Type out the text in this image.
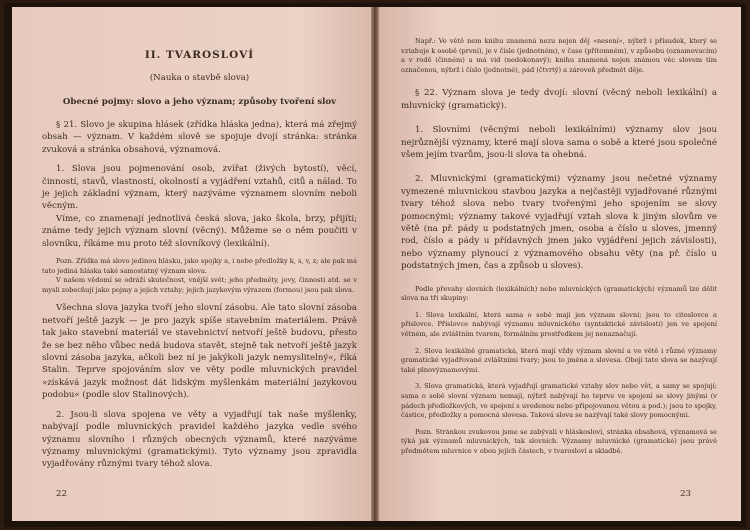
II. TVAROSLOVÍ
(Nauka o stavbě slova)
Obecné pojmy: slovo a jeho význam; způsoby tvoření slov

§ 21. Slovo je skupina hlásek (zřídka hláska jedna), která má zřejmý obsah — význam. V každém slově se spojuje dvojí stránka: stránka zvuková a stránka obsahová, významová.

1. Slova jsou pojmenování osob, zvířat (živých bytostí), věcí, činností, stavů, vlastností, okolností a vyjádření vztahů, citů a nálad. To je jejich základní význam, který nazýváme významem slovním neboli věcným.

Víme, co znamenají jednotlivá česká slova, jako škola, brzy, přijíti; známe tedy jejich význam slovní (věcný). Můžeme se o něm poučiti v slovníku, říkáme mu proto též slovníkový (lexikální).

Pozn. Zřídka má slovo jedinou hlásku, jako spojky a, i nebo předložky k, s, v, z; ale pak má tato jediná hláska také samostatný význam slova.

V našem vědomí se odráží skutečnost, vnější svět; jeho předměty, jevy, činnosti atd. se v mysli zobecňují jako pojmy a jejich vztahy; jejich jazykovým výrazem (formou) jsou pak slova.

Všechna slova jazyka tvoří jeho slovní zásobu. Ale tato slovní zásoba netvoří ještě jazyk — je pro jazyk spíše stavebním materiálem. Právě tak jako stavební materiál ve stavebnictví netvoří ještě budovu, přesto že se bez něho vůbec nedá budova stavět, stejně tak netvoří ještě jazyk slovní zásoba jazyka, ačkoli bez ní je jakýkoli jazyk nemyslitelný«, říká Stalin. Teprve spojováním slov ve věty podle mluvnických pravidel »získává jazyk možnost dát lidským myšlenkám materiální jazykovou podobu« (podle slov Stalinových).

2. Jsou-li slova spojena ve věty a vyjadřují tak naše myšlenky, nabývají podle mluvnických pravidel každého jazyka vedle svého významu slovního i různých obecných významů, které nazýváme významy mluvnickými (gramatickými). Tyto významy jsou zpravidla vyjadřovány různými tvary téhož slova.

22

Např.: Ve větě nem knihu znamená nezu nejen děj »nesení«, nýbrž i přísudek, který se vztahuje k osobě (první), je v čísle (jednotném), v čase (přítomném), v způsobu (oznamovacím) a v rodě (činném) a má vid (nedokonavý); knihu znamená nejen známou věc slovem tím označenou, nýbrž i číslo (jednotné), pád (čtvrtý) a zároveň předmět děje.

§ 22. Význam slova je tedy dvojí: slovní (věcný neboli lexikální) a mluvnický (gramatický).

1. Slovními (věcnými neboli lexikálními) významy slov jsou nejrůznější významy, které mají slova sama o sobě a které jsou společné všem jejím tvarům, jsou-li slova ta ohebná.

2. Mluvnickými (gramatickými) významy jsou nečetné významy vymezené mluvnickou stavbou jazyka a nejčastěji vyjadřované různými tvary téhož slova nebo tvary tvořenými jeho spojením se slovy pomocnými; významy takové vyjadřují vztah slova k jiným slovům ve větě (na př. pády u podstatných jmen, osoba a číslo u sloves, jmenný rod, číslo a pády u přídavných jmen jako vyjádření jejich závislosti), nebo významy plynoucí z významového obsahu věty (na př. číslo u podstatných jmen, čas a způsob u sloves).

Podle převahy slovních (lexikálních) nebo mluvnických (gramatických) významů lze dělit slova na tři skupiny:

1. Slova lexikální, která sama o sobě mají jen význam slovní; jsou to citoslovce a příslovce. Příslovce nabývají významu mluvnického (syntaktické závislosti) jen ve spojení větném, ale zvláštním tvarem, formálním prostředkem jej nenaznačují.

2. Slova lexikálně gramatická, která mají vždy význam slovní a ve větě i různé významy gramatické vyjadřované zvláštními tvary; jsou to jména a slovesa. Obojí tato slova se nazývají také plnovýznamovými.

3. Slova gramatická, která vyjadřují gramatické vztahy slov nebo vět, a samy se spojují; sama o sobě slovní význam nemají, nýbrž nabývají ho teprve ve spojení se slovy jinými (v pádech předložkových, ve spojení s uvedenou nebo připojovanou větou a pod.); jsou to spojky, částice, předložky a pomocná slovesa. Taková slova se nazývají také slovy pomocnými.

Pozn. Stránkou zvukovou jsme se zabývali v hláskosloví, stránka obsahová, významová se týká jak významů mluvnických, tak slovních. Významy mluvnické (gramatické) jsou právě předmětem mluvnice v obou jejích částech, v tvarosloví a skladbě.

23
